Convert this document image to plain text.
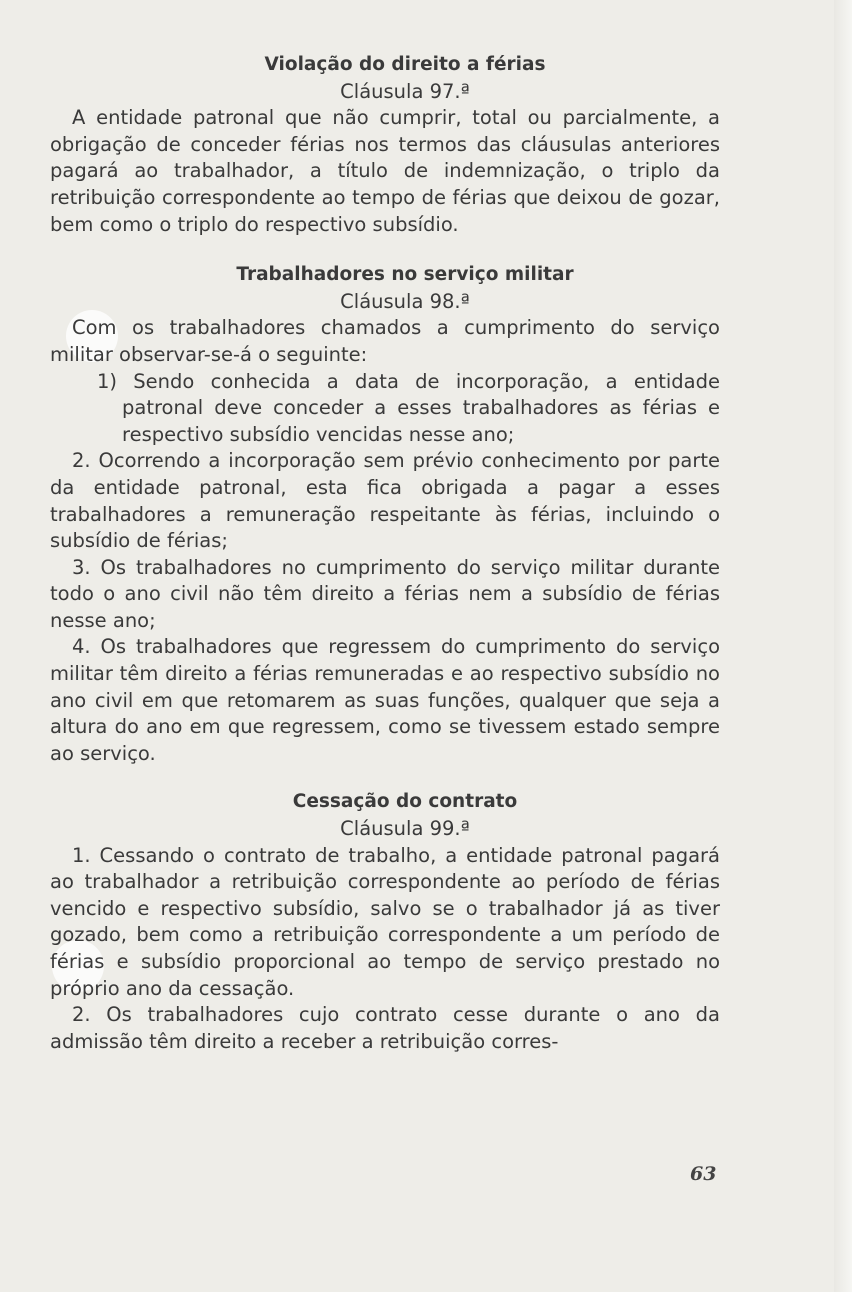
Violação do direito a férias

Cláusula 97.ª

A entidade patronal que não cumprir, total ou parcialmente, a obrigação de conceder férias nos termos das cláusulas anteriores pagará ao trabalhador, a título de indemnização, o triplo da retribuição correspondente ao tempo de férias que deixou de gozar, bem como o triplo do respectivo subsídio.

Trabalhadores no serviço militar

Cláusula 98.ª

Com os trabalhadores chamados a cumprimento do serviço militar observar-se-á o seguinte:

1) Sendo conhecida a data de incorporação, a entidade patronal deve conceder a esses trabalhadores as férias e respectivo subsídio vencidas nesse ano;

2. Ocorrendo a incorporação sem prévio conhecimento por parte da entidade patronal, esta fica obrigada a pagar a esses trabalhadores a remuneração respeitante às férias, incluindo o subsídio de férias;

3. Os trabalhadores no cumprimento do serviço militar durante todo o ano civil não têm direito a férias nem a subsídio de férias nesse ano;

4. Os trabalhadores que regressem do cumprimento do serviço militar têm direito a férias remuneradas e ao respectivo subsídio no ano civil em que retomarem as suas funções, qualquer que seja a altura do ano em que regressem, como se tivessem estado sempre ao serviço.

Cessação do contrato

Cláusula 99.ª

1. Cessando o contrato de trabalho, a entidade patronal pagará ao trabalhador a retribuição correspondente ao período de férias vencido e respectivo subsídio, salvo se o trabalhador já as tiver gozado, bem como a retribuição correspondente a um período de férias e subsídio proporcional ao tempo de serviço prestado no próprio ano da cessação.

2. Os trabalhadores cujo contrato cesse durante o ano da admissão têm direito a receber a retribuição corres-

63
